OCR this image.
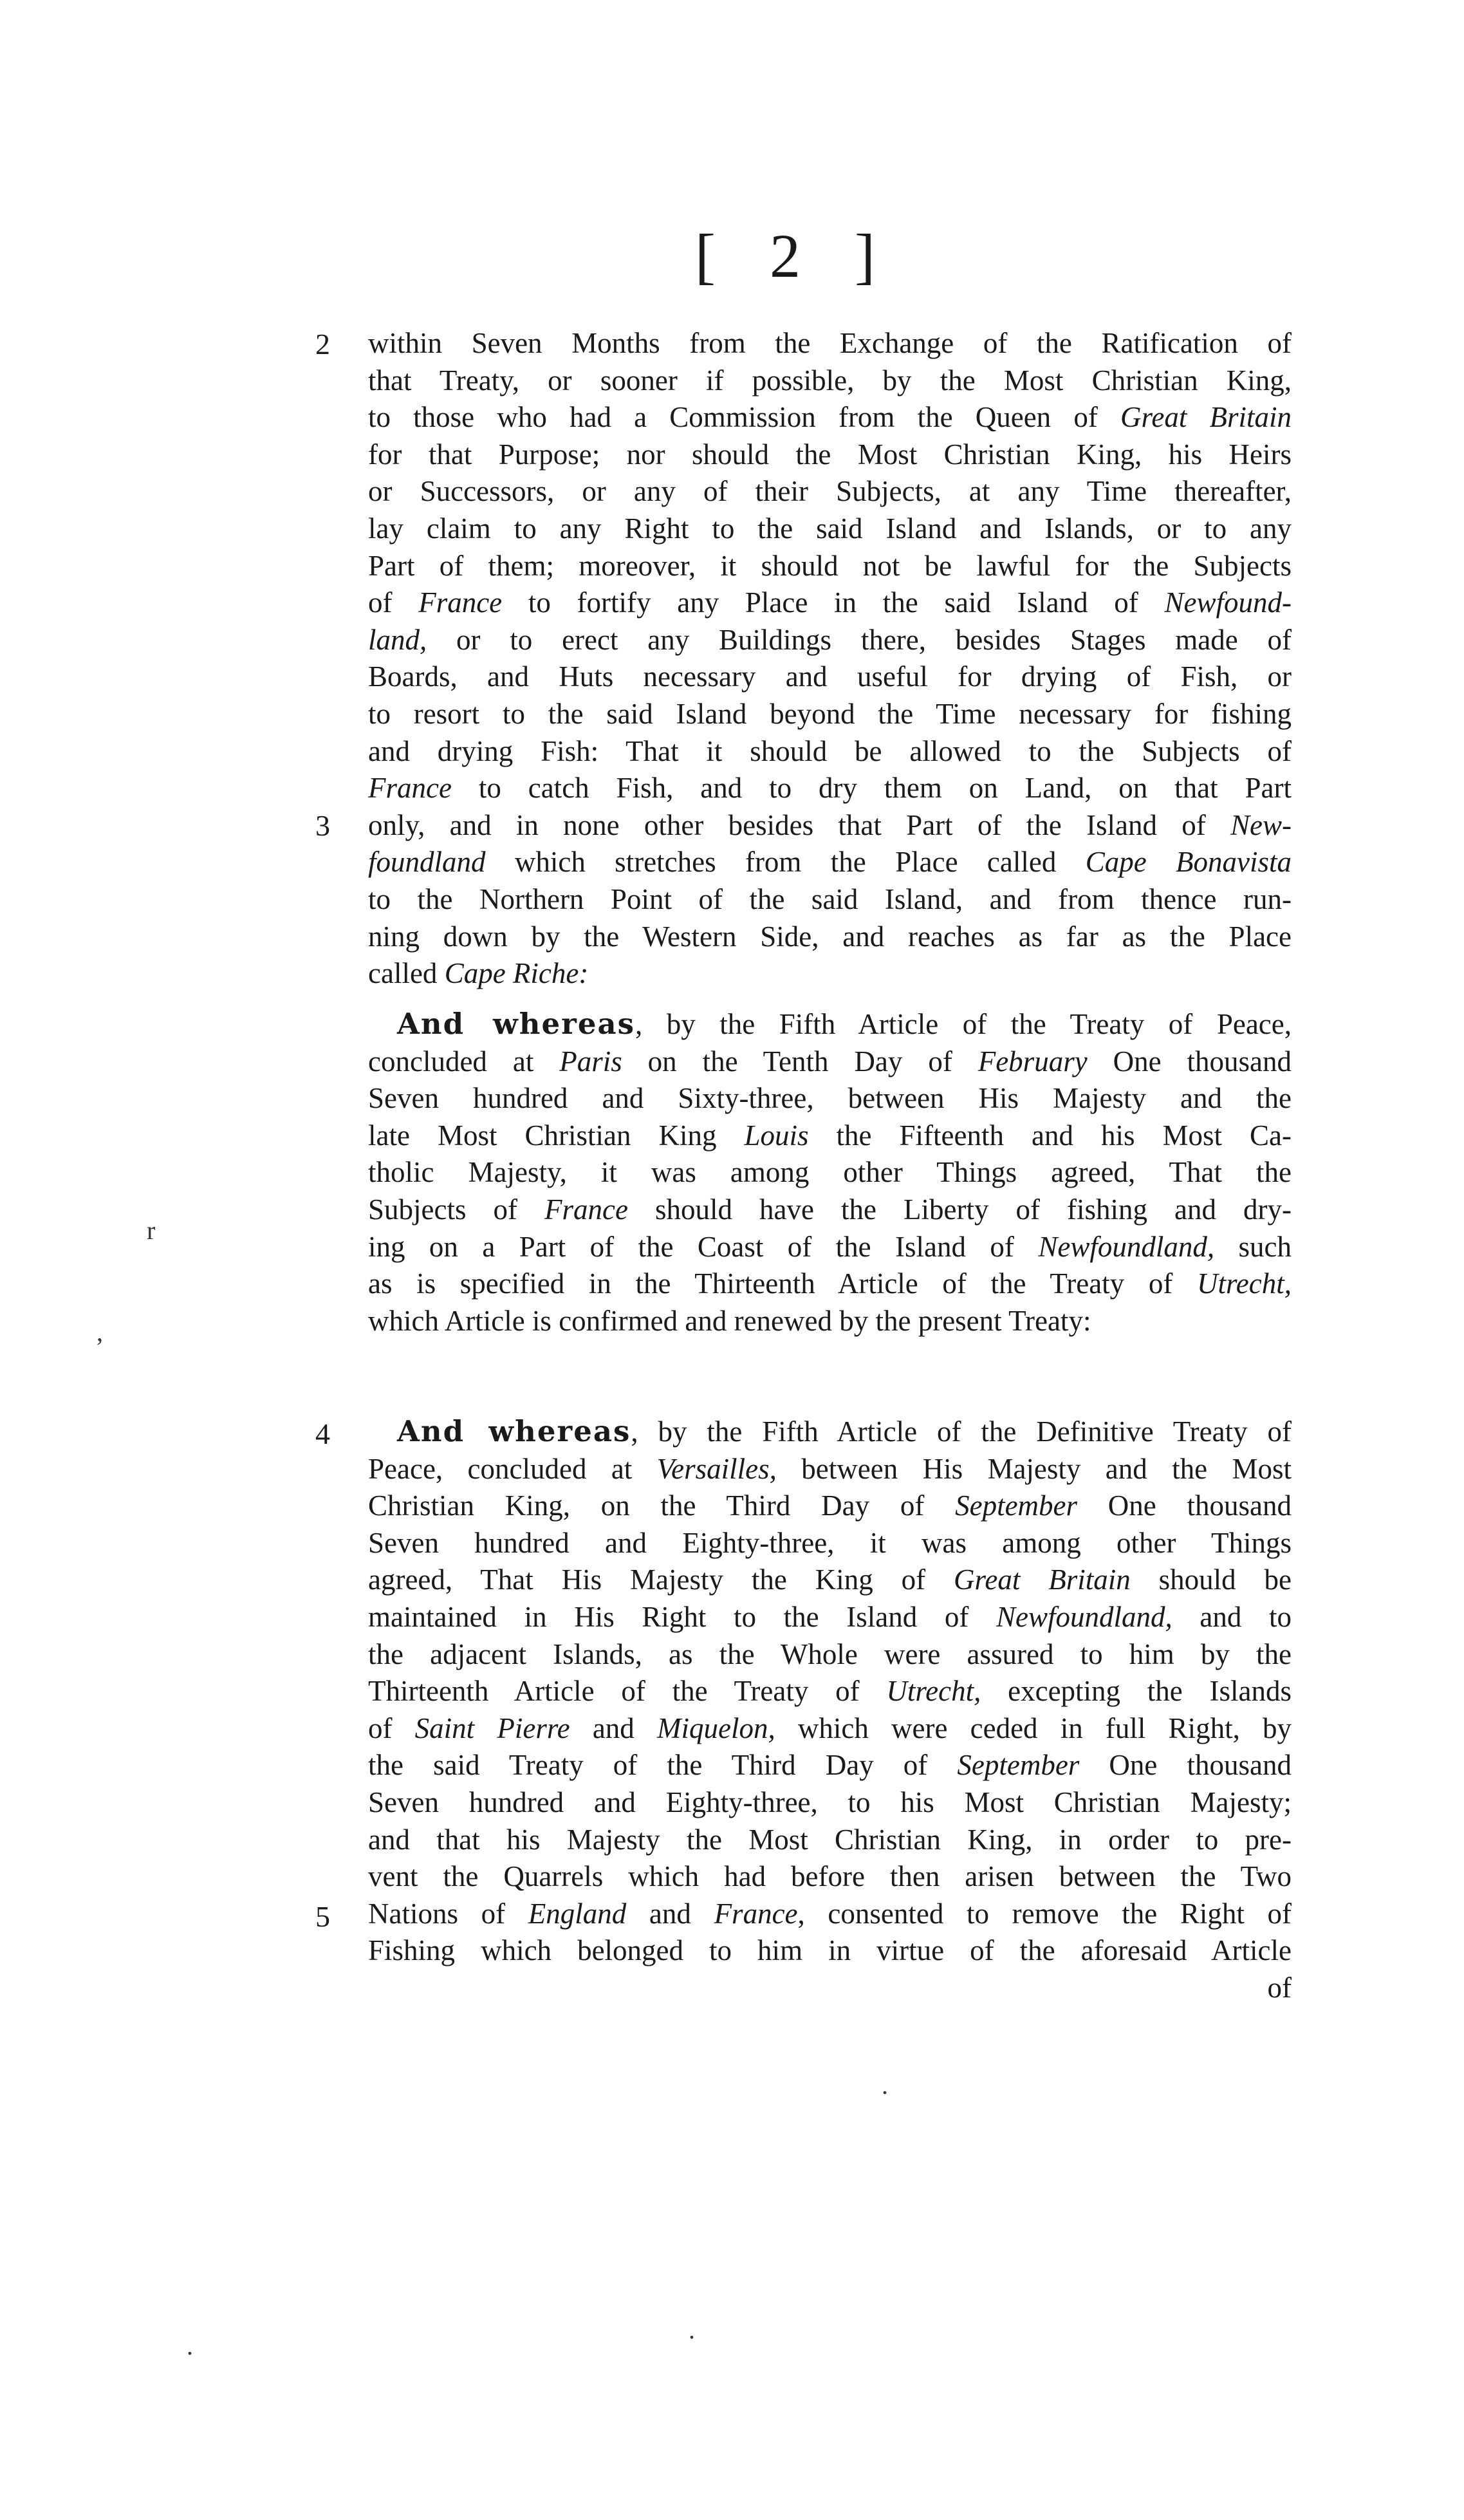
[ 2 ]
2
3
4
5
within Seven Months from the Exchange of the Ratification of
that Treaty, or sooner if possible, by the Most Christian King,
to those who had a Commission from the Queen of Great Britain
for that Purpose; nor should the Most Christian King, his Heirs
or Successors, or any of their Subjects, at any Time thereafter,
lay claim to any Right to the said Island and Islands, or to any
Part of them; moreover, it should not be lawful for the Subjects
of France to fortify any Place in the said Island of Newfound-
land, or to erect any Buildings there, besides Stages made of
Boards, and Huts necessary and useful for drying of Fish, or
to resort to the said Island beyond the Time necessary for fishing
and drying Fish: That it should be allowed to the Subjects of
France to catch Fish, and to dry them on Land, on that Part
only, and in none other besides that Part of the Island of New-
foundland which stretches from the Place called Cape Bonavista
to the Northern Point of the said Island, and from thence run-
ning down by the Western Side, and reaches as far as the Place
called Cape Riche:
And whereas, by the Fifth Article of the Treaty of Peace,
concluded at Paris on the Tenth Day of February One thousand
Seven hundred and Sixty-three, between His Majesty and the
late Most Christian King Louis the Fifteenth and his Most Ca-
tholic Majesty, it was among other Things agreed, That the
Subjects of France should have the Liberty of fishing and dry-
ing on a Part of the Coast of the Island of Newfoundland, such
as is specified in the Thirteenth Article of the Treaty of Utrecht,
which Article is confirmed and renewed by the present Treaty:
And whereas, by the Fifth Article of the Definitive Treaty of
Peace, concluded at Versailles, between His Majesty and the Most
Christian King, on the Third Day of September One thousand
Seven hundred and Eighty-three, it was among other Things
agreed, That His Majesty the King of Great Britain should be
maintained in His Right to the Island of Newfoundland, and to
the adjacent Islands, as the Whole were assured to him by the
Thirteenth Article of the Treaty of Utrecht, excepting the Islands
of Saint Pierre and Miquelon, which were ceded in full Right, by
the said Treaty of the Third Day of September One thousand
Seven hundred and Eighty-three, to his Most Christian Majesty;
and that his Majesty the Most Christian King, in order to pre-
vent the Quarrels which had before then arisen between the Two
Nations of England and France, consented to remove the Right of
Fishing which belonged to him in virtue of the aforesaid Article
of
r
,
.
.
.
